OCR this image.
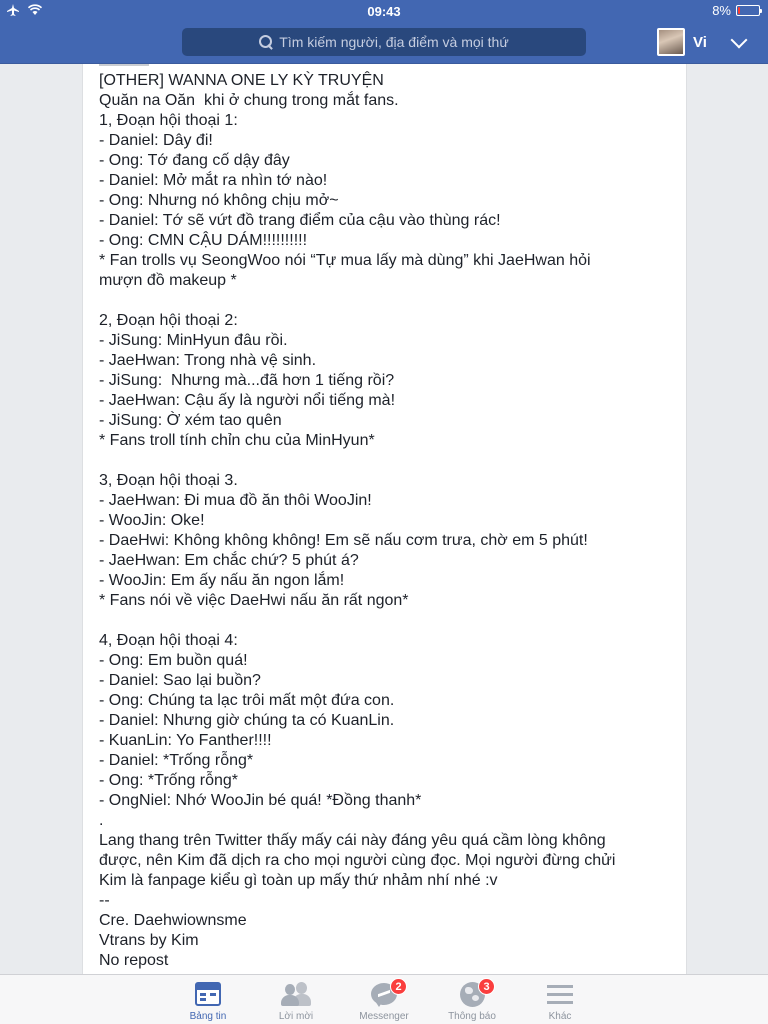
09:43	8%
Tìm kiếm người, địa điểm và mọi thứ	Vi
[OTHER] WANNA ONE LY KỲ TRUYỆN
Quăn na Oăn  khi ở chung trong mắt fans.
1, Đoạn hội thoại 1:
- Daniel: Dây đi!
- Ong: Tớ đang cố dậy đây
- Daniel: Mở mắt ra nhìn tớ nào!
- Ong: Nhưng nó không chịu mở~
- Daniel: Tớ sẽ vứt đồ trang điểm của cậu vào thùng rác!
- Ong: CMN CẬU DÁM!!!!!!!!!!
* Fan trolls vụ SeongWoo nói “Tự mua lấy mà dùng” khi JaeHwan hỏi
mượn đồ makeup *
2, Đoạn hội thoại 2:
- JiSung: MinHyun đâu rồi.
- JaeHwan: Trong nhà vệ sinh.
- JiSung:  Nhưng mà...đã hơn 1 tiếng rồi?
- JaeHwan: Cậu ấy là người nổi tiếng mà!
- JiSung: Ờ xém tao quên
* Fans troll tính chỉn chu của MinHyun*
3, Đoạn hội thoại 3.
- JaeHwan: Đi mua đồ ăn thôi WooJin!
- WooJin: Oke!
- DaeHwi: Không không không! Em sẽ nấu cơm trưa, chờ em 5 phút!
- JaeHwan: Em chắc chứ? 5 phút á?
- WooJin: Em ấy nấu ăn ngon lắm!
* Fans nói về việc DaeHwi nấu ăn rất ngon*
4, Đoạn hội thoại 4:
- Ong: Em buồn quá!
- Daniel: Sao lại buồn?
- Ong: Chúng ta lạc trôi mất một đứa con.
- Daniel: Nhưng giờ chúng ta có KuanLin.
- KuanLin: Yo Fanther!!!!
- Daniel: *Trống rỗng*
- Ong: *Trống rỗng*
- OngNiel: Nhớ WooJin bé quá! *Đồng thanh*
.
Lang thang trên Twitter thấy mấy cái này đáng yêu quá cầm lòng không
được, nên Kim đã dịch ra cho mọi người cùng đọc. Mọi người đừng chửi
Kim là fanpage kiểu gì toàn up mấy thứ nhảm nhí nhé :v
--
Cre. Daehwiownsme
Vtrans by Kim
No repost
Bảng tin	Lời mời
2
Messenger
3
Thông báo	Khác
